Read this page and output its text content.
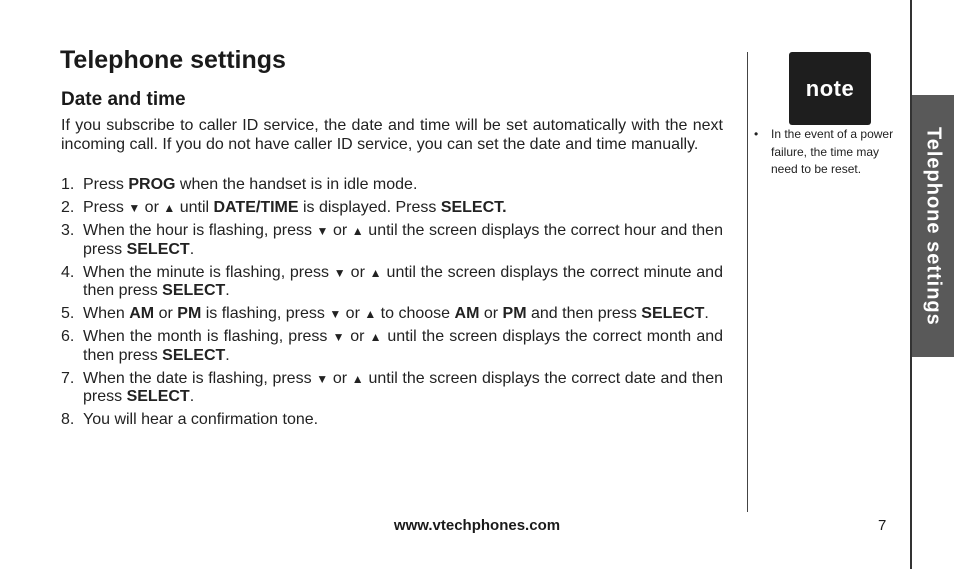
Telephone settings
Telephone settings
Date and time

If you subscribe to caller ID service, the date and time will be set automatically with the next incoming call. If you do not have caller ID service, you can set the date and time manually.

1. Press PROG when the handset is in idle mode.
2. Press ▼ or ▲ until DATE/TIME is displayed. Press SELECT.
3. When the hour is flashing, press ▼ or ▲ until the screen displays the correct hour and then press SELECT.
4. When the minute is flashing, press ▼ or ▲ until the screen displays the correct minute and then press SELECT.
5. When AM or PM is flashing, press ▼ or ▲ to choose AM or PM and then press SELECT.
6. When the month is flashing, press ▼ or ▲ until the screen displays the correct month and then press SELECT.
7. When the date is flashing, press ▼ or ▲ until the screen displays the correct date and then press SELECT.
8. You will hear a confirmation tone.
note
•	In the event of a power failure, the time may need to be reset.
www.vtechphones.com	7
